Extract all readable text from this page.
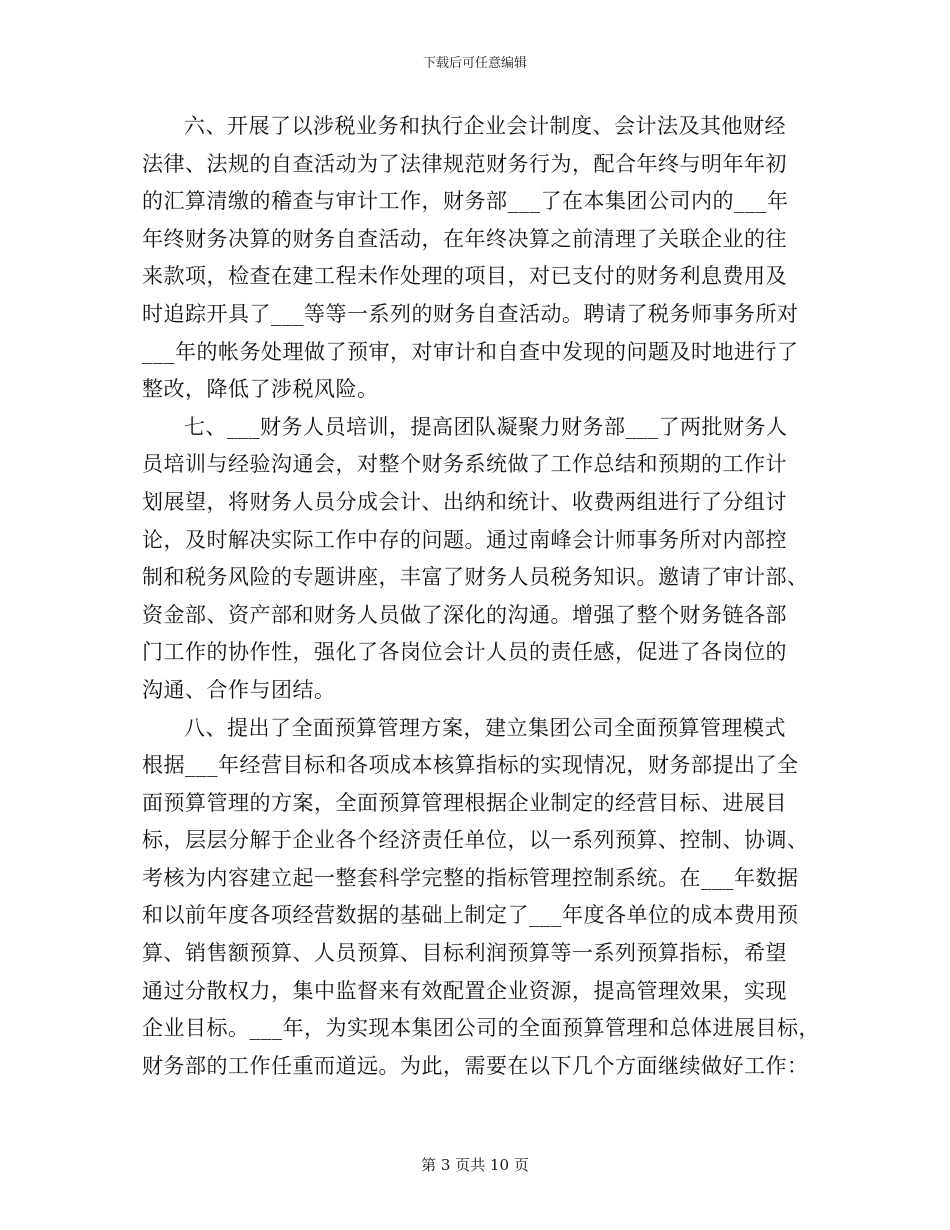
下载后可任意编辑

六、开展了以涉税业务和执行企业会计制度、会计法及其他财经
法律、法规的自查活动为了法律规范财务行为，配合年终与明年年初
的汇算清缴的稽查与审计工作，财务部___了在本集团公司内的___年
年终财务决算的财务自查活动，在年终决算之前清理了关联企业的往
来款项，检查在建工程未作处理的项目，对已支付的财务利息费用及
时追踪开具了___等等一系列的财务自查活动。聘请了税务师事务所对
___年的帐务处理做了预审，对审计和自查中发现的问题及时地进行了
整改，降低了涉税风险。

七、___财务人员培训，提高团队凝聚力财务部___了两批财务人
员培训与经验沟通会，对整个财务系统做了工作总结和预期的工作计
划展望，将财务人员分成会计、出纳和统计、收费两组进行了分组讨
论，及时解决实际工作中存的问题。通过南峰会计师事务所对内部控
制和税务风险的专题讲座，丰富了财务人员税务知识。邀请了审计部、
资金部、资产部和财务人员做了深化的沟通。增强了整个财务链各部
门工作的协作性，强化了各岗位会计人员的责任感，促进了各岗位的
沟通、合作与团结。

八、提出了全面预算管理方案，建立集团公司全面预算管理模式
根据___年经营目标和各项成本核算指标的实现情况，财务部提出了全
面预算管理的方案，全面预算管理根据企业制定的经营目标、进展目
标，层层分解于企业各个经济责任单位，以一系列预算、控制、协调、
考核为内容建立起一整套科学完整的指标管理控制系统。在___年数据
和以前年度各项经营数据的基础上制定了___年度各单位的成本费用预
算、销售额预算、人员预算、目标利润预算等一系列预算指标，希望
通过分散权力，集中监督来有效配置企业资源，提高管理效果，实现
企业目标。___年，为实现本集团公司的全面预算管理和总体进展目标，
财务部的工作任重而道远。为此，需要在以下几个方面继续做好工作：

第 3 页共 10 页
